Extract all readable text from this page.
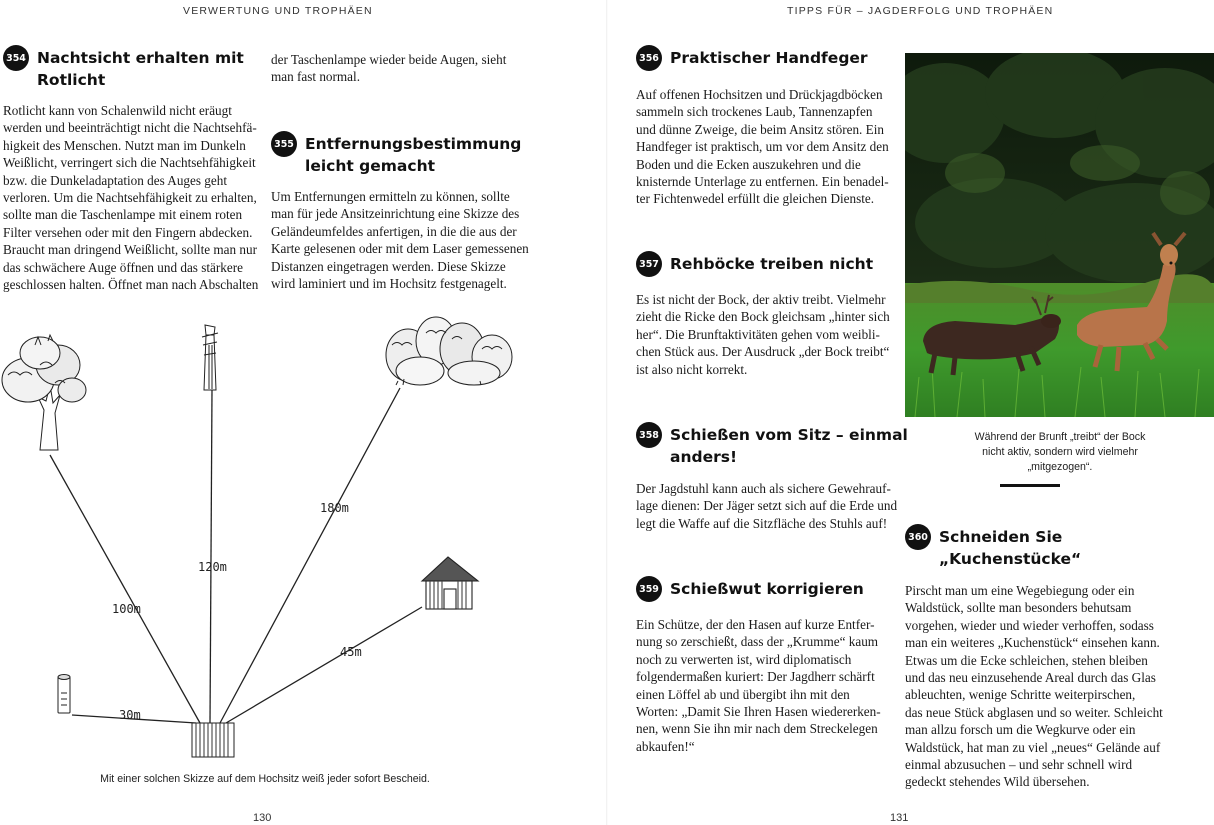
VERWERTUNG UND TROPHÄEN
354 Nachtsicht erhalten mit
Rotlicht
Rotlicht kann von Schalenwild nicht eräugt
werden und beeinträchtigt nicht die Nachtsehfä-
higkeit des Menschen. Nutzt man im Dunkeln
Weißlicht, verringert sich die Nachtsehfähigkeit
bzw. die Dunkeladaptation des Auges geht
verloren. Um die Nachtsehfähigkeit zu erhalten,
sollte man die Taschenlampe mit einem roten
Filter versehen oder mit den Fingern abdecken.
Braucht man dringend Weißlicht, sollte man nur
das schwächere Auge öffnen und das stärkere
geschlossen halten. Öffnet man nach Abschalten
der Taschenlampe wieder beide Augen, sieht
man fast normal.
355 Entfernungsbestimmung
leicht gemacht
Um Entfernungen ermitteln zu können, sollte
man für jede Ansitzeinrichtung eine Skizze des
Geländeumfeldes anfertigen, in die die aus der
Karte gelesenen oder mit dem Laser gemessenen
Distanzen eingetragen werden. Diese Skizze
wird laminiert und im Hochsitz festgenagelt.
30m
100m
120m
180m
45m
Mit einer solchen Skizze auf dem Hochsitz weiß jeder sofort Bescheid.
130
TIPPS FÜR – JAGDERFOLG UND TROPHÄEN
356 Praktischer Handfeger
Auf offenen Hochsitzen und Drückjagdböcken
sammeln sich trockenes Laub, Tannenzapfen
und dünne Zweige, die beim Ansitz stören. Ein
Handfeger ist praktisch, um vor dem Ansitz den
Boden und die Ecken auszukehren und die
knisternde Unterlage zu entfernen. Ein benadel-
ter Fichtenwedel erfüllt die gleichen Dienste.
357 Rehböcke treiben nicht
Es ist nicht der Bock, der aktiv treibt. Vielmehr
zieht die Ricke den Bock gleichsam „hinter sich
her“. Die Brunftaktivitäten gehen vom weibli-
chen Stück aus. Der Ausdruck „der Bock treibt“
ist also nicht korrekt.
358 Schießen vom Sitz – einmal
anders!
Der Jagdstuhl kann auch als sichere Gewehrauf-
lage dienen: Der Jäger setzt sich auf die Erde und
legt die Waffe auf die Sitzfläche des Stuhls auf!
359 Schießwut korrigieren
Ein Schütze, der den Hasen auf kurze Entfer-
nung so zerschießt, dass der „Krumme“ kaum
noch zu verwerten ist, wird diplomatisch
folgendermaßen kuriert: Der Jagdherr schärft
einen Löffel ab und übergibt ihn mit den
Worten: „Damit Sie Ihren Hasen wiedererken-
nen, wenn Sie ihn mir nach dem Streckelegen
abkaufen!“
Während der Brunft „treibt“ der Bock
nicht aktiv, sondern wird vielmehr
„mitgezogen“.
360 Schneiden Sie
„Kuchenstücke“
Pirscht man um eine Wegebiegung oder ein
Waldstück, sollte man besonders behutsam
vorgehen, wieder und wieder verhoffen, sodass
man ein weiteres „Kuchenstück“ einsehen kann.
Etwas um die Ecke schleichen, stehen bleiben
und das neu einzusehende Areal durch das Glas
ableuchten, wenige Schritte weiterpirschen,
das neue Stück abglasen und so weiter. Schleicht
man allzu forsch um die Wegkurve oder ein
Waldstück, hat man zu viel „neues“ Gelände auf
einmal abzusuchen – und sehr schnell wird
gedeckt stehendes Wild übersehen.
131
